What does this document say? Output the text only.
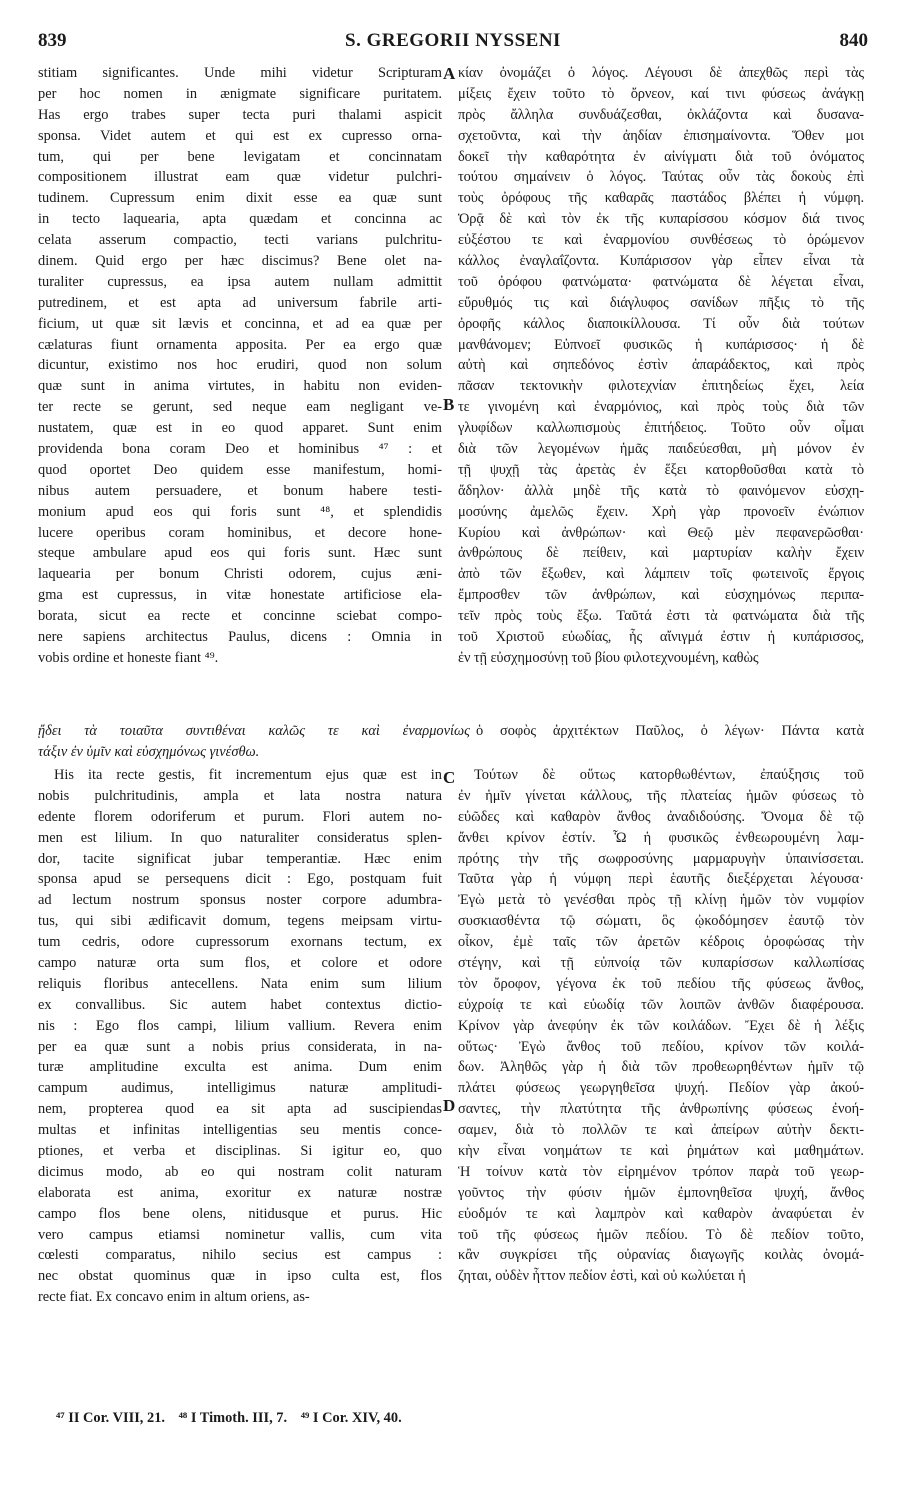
839	S. GREGORII NYSSENI	840
stitiam significantes. Unde mihi videtur Scripturam
per hoc nomen in ænigmate significare puritatem.
Has ergo trabes super tecta puri thalami aspicit
sponsa. Videt autem et qui est ex cupresso orna-
tum, qui per bene levigatam et concinnatam
compositionem illustrat eam quæ videtur pulchri-
tudinem. Cupressum enim dixit esse ea quæ sunt
in tecto laquearia, apta quædam et concinna ac
celata asserum compactio, tecti varians pulchritu-
dinem. Quid ergo per hæc discimus? Bene olet na-
turaliter cupressus, ea ipsa autem nullam admittit
putredinem, et est apta ad universum fabrile arti-
ficium, ut quæ sit lævis et concinna, et ad ea quæ per
cælaturas fiunt ornamenta apposita. Per ea ergo quæ
dicuntur, existimo nos hoc erudiri, quod non solum
quæ sunt in anima virtutes, in habitu non eviden-
ter recte se gerunt, sed neque eam negligant ve-
nustatem, quæ est in eo quod apparet. Sunt enim
providenda bona coram Deo et hominibus ⁴⁷ : et
quod oportet Deo quidem esse manifestum, homi-
nibus autem persuadere, et bonum habere testi-
monium apud eos qui foris sunt ⁴⁸, et splendidis
lucere operibus coram hominibus, et decore hone-
steque ambulare apud eos qui foris sunt. Hæc sunt
laquearia per bonum Christi odorem, cujus æni-
gma est cupressus, in vitæ honestate artificiose ela-
borata, sicut ea recte et concinne sciebat compo-
nere sapiens architectus Paulus, dicens : Omnia in
vobis ordine et honeste fiant ⁴⁹.
κίαν ὀνομάζει ὁ λόγος. Λέγουσι δὲ ἀπεχθῶς περὶ τὰς
μίξεις ἔχειν τοῦτο τὸ ὄρνεον, καί τινι φύσεως ἀνάγκῃ
πρὸς ἄλληλα συνδυάζεσθαι, ὀκλάζοντα καὶ δυσανα-
σχετοῦντα, καὶ τὴν ἀηδίαν ἐπισημαίνοντα. Ὅθεν μοι
δοκεῖ τὴν καθαρότητα ἐν αἰνίγματι διὰ τοῦ ὀνόματος
τούτου σημαίνειν ὁ λόγος. Ταύτας οὖν τὰς δοκοὺς ἐπὶ
τοὺς ὀρόφους τῆς καθαρᾶς παστάδος βλέπει ἡ νύμφη.
Ὁρᾷ δὲ καὶ τὸν ἐκ τῆς κυπαρίσσου κόσμον διά τινος
εὐξέστου τε καὶ ἐναρμονίου συνθέσεως τὸ ὁρώμενον
κάλλος ἐναγλαΐζοντα. Κυπάρισσον γὰρ εἶπεν εἶναι τὰ
τοῦ ὀρόφου φατνώματα· φατνώματα δὲ λέγεται εἶναι,
εὔρυθμός τις καὶ διάγλυφος σανίδων πῆξις τὸ τῆς
ὀροφῆς κάλλος διαποικίλλουσα. Τί οὖν διὰ τούτων
μανθάνομεν; Εὐπνοεῖ φυσικῶς ἡ κυπάρισσος· ἡ δὲ
αὐτὴ καὶ σηπεδόνος ἐστὶν ἀπαράδεκτος, καὶ πρὸς
πᾶσαν τεκτονικὴν φιλοτεχνίαν ἐπιτηδείως ἔχει, λεία
τε γινομένη καὶ ἐναρμόνιος, καὶ πρὸς τοὺς διὰ τῶν
γλυφίδων καλλωπισμοὺς ἐπιτήδειος. Τοῦτο οὖν οἶμαι
διὰ τῶν λεγομένων ἡμᾶς παιδεύεσθαι, μὴ μόνον ἐν
τῇ ψυχῇ τὰς ἀρετὰς ἐν ἕξει κατορθοῦσθαι κατὰ τὸ
ἄδηλον· ἀλλὰ μηδὲ τῆς κατὰ τὸ φαινόμενον εὐσχη-
μοσύνης ἀμελῶς ἔχειν. Χρὴ γὰρ προνοεῖν ἐνώπιον
Κυρίου καὶ ἀνθρώπων· καὶ Θεῷ μὲν πεφανερῶσθαι·
ἀνθρώπους δὲ πείθειν, καὶ μαρτυρίαν καλὴν ἔχειν
ἀπὸ τῶν ἔξωθεν, καὶ λάμπειν τοῖς φωτεινοῖς ἔργοις
ἔμπροσθεν τῶν ἀνθρώπων, καὶ εὐσχημόνως περιπα-
τεῖν πρὸς τοὺς ἔξω. Ταῦτά ἐστι τὰ φατνώματα διὰ τῆς
τοῦ Χριστοῦ εὐωδίας, ἧς αἴνιγμά ἐστιν ἡ κυπάρισσος,
ἐν τῇ εὐσχημοσύνῃ τοῦ βίου φιλοτεχνουμένη, καθὼς
A
B
C
D
ᾔδει τὰ τοιαῦτα συντιθέναι καλῶς τε καὶ ἐναρμονίως
τάξιν ἐν ὑμῖν καὶ εὐσχημόνως γινέσθω.
ὁ σοφὸς ἀρχιτέκτων Παῦλος, ὁ λέγων· Πάντα κατὰ
His ita recte gestis, fit incrementum ejus quæ est in
nobis pulchritudinis, ampla et lata nostra natura
edente florem odoriferum et purum. Flori autem no-
men est lilium. In quo naturaliter consideratus splen-
dor, tacite significat jubar temperantiæ. Hæc enim
sponsa apud se persequens dicit : Ego, postquam fuit
ad lectum nostrum sponsus noster corpore adumbra-
tus, qui sibi ædificavit domum, tegens meipsam virtu-
tum cedris, odore cupressorum exornans tectum, ex
campo naturæ orta sum flos, et colore et odore
reliquis floribus antecellens. Nata enim sum lilium
ex convallibus. Sic autem habet contextus dictio-
nis : Ego flos campi, lilium vallium. Revera enim
per ea quæ sunt a nobis prius considerata, in na-
turæ amplitudine exculta est anima. Dum enim
campum audimus, intelligimus naturæ amplitudi-
nem, propterea quod ea sit apta ad suscipiendas
multas et infinitas intelligentias seu mentis conce-
ptiones, et verba et disciplinas. Si igitur eo, quo
dicimus modo, ab eo qui nostram colit naturam
elaborata est anima, exoritur ex naturæ nostræ
campo flos bene olens, nitidusque et purus. Hic
vero campus etiamsi nominetur vallis, cum vita
cœlesti comparatus, nihilo secius est campus :
nec obstat quominus quæ in ipso culta est, flos
recte fiat. Ex concavo enim in altum oriens, as-
Τούτων δὲ οὕτως κατορθωθέντων, ἐπαύξησις τοῦ
ἐν ἡμῖν γίνεται κάλλους, τῆς πλατείας ἡμῶν φύσεως τὸ
εὐῶδες καὶ καθαρὸν ἄνθος ἀναδιδούσης. Ὄνομα δὲ τῷ
ἄνθει κρίνον ἐστίν. Ὧ ἡ φυσικῶς ἐνθεωρουμένη λαμ-
πρότης τὴν τῆς σωφροσύνης μαρμαρυγὴν ὑπαινίσσεται.
Ταῦτα γὰρ ἡ νύμφη περὶ ἑαυτῆς διεξέρχεται λέγουσα·
Ἐγὼ μετὰ τὸ γενέσθαι πρὸς τῇ κλίνῃ ἡμῶν τὸν νυμφίον
συσκιασθέντα τῷ σώματι, ὃς ᾠκοδόμησεν ἑαυτῷ τὸν
οἶκον, ἐμὲ ταῖς τῶν ἀρετῶν κέδροις ὀροφώσας τὴν
στέγην, καὶ τῇ εὐπνοίᾳ τῶν κυπαρίσσων καλλωπίσας
τὸν ὄροφον, γέγονα ἐκ τοῦ πεδίου τῆς φύσεως ἄνθος,
εὐχροίᾳ τε καὶ εὐωδίᾳ τῶν λοιπῶν ἀνθῶν διαφέρουσα.
Κρίνον γὰρ ἀνεφύην ἐκ τῶν κοιλάδων. Ἔχει δὲ ἡ λέξις
οὕτως· Ἐγὼ ἄνθος τοῦ πεδίου, κρίνον τῶν κοιλά-
δων. Ἀληθῶς γὰρ ἡ διὰ τῶν προθεωρηθέντων ἡμῖν τῷ
πλάτει φύσεως γεωργηθεῖσα ψυχή. Πεδίον γὰρ ἀκού-
σαντες, τὴν πλατύτητα τῆς ἀνθρωπίνης φύσεως ἐνοή-
σαμεν, διὰ τὸ πολλῶν τε καὶ ἀπείρων αὐτὴν δεκτι-
κὴν εἶναι νοημάτων τε καὶ ῥημάτων καὶ μαθημάτων.
Ἡ τοίνυν κατὰ τὸν εἰρημένον τρόπον παρὰ τοῦ γεωρ-
γοῦντος τὴν φύσιν ἡμῶν ἐμπονηθεῖσα ψυχή, ἄνθος
εὐοδμόν τε καὶ λαμπρὸν καὶ καθαρὸν ἀναφύεται ἐν
τοῦ τῆς φύσεως ἡμῶν πεδίου. Τὸ δὲ πεδίον τοῦτο,
κἂν συγκρίσει τῆς οὐρανίας διαγωγῆς κοιλὰς ὀνομά-
ζηται, οὐδὲν ἧττον πεδίον ἐστὶ, καὶ οὐ κωλύεται ἡ
⁴⁷ II Cor. VIII, 21. ⁴⁸ I Timoth. III, 7. ⁴⁹ I Cor. XIV, 40.
